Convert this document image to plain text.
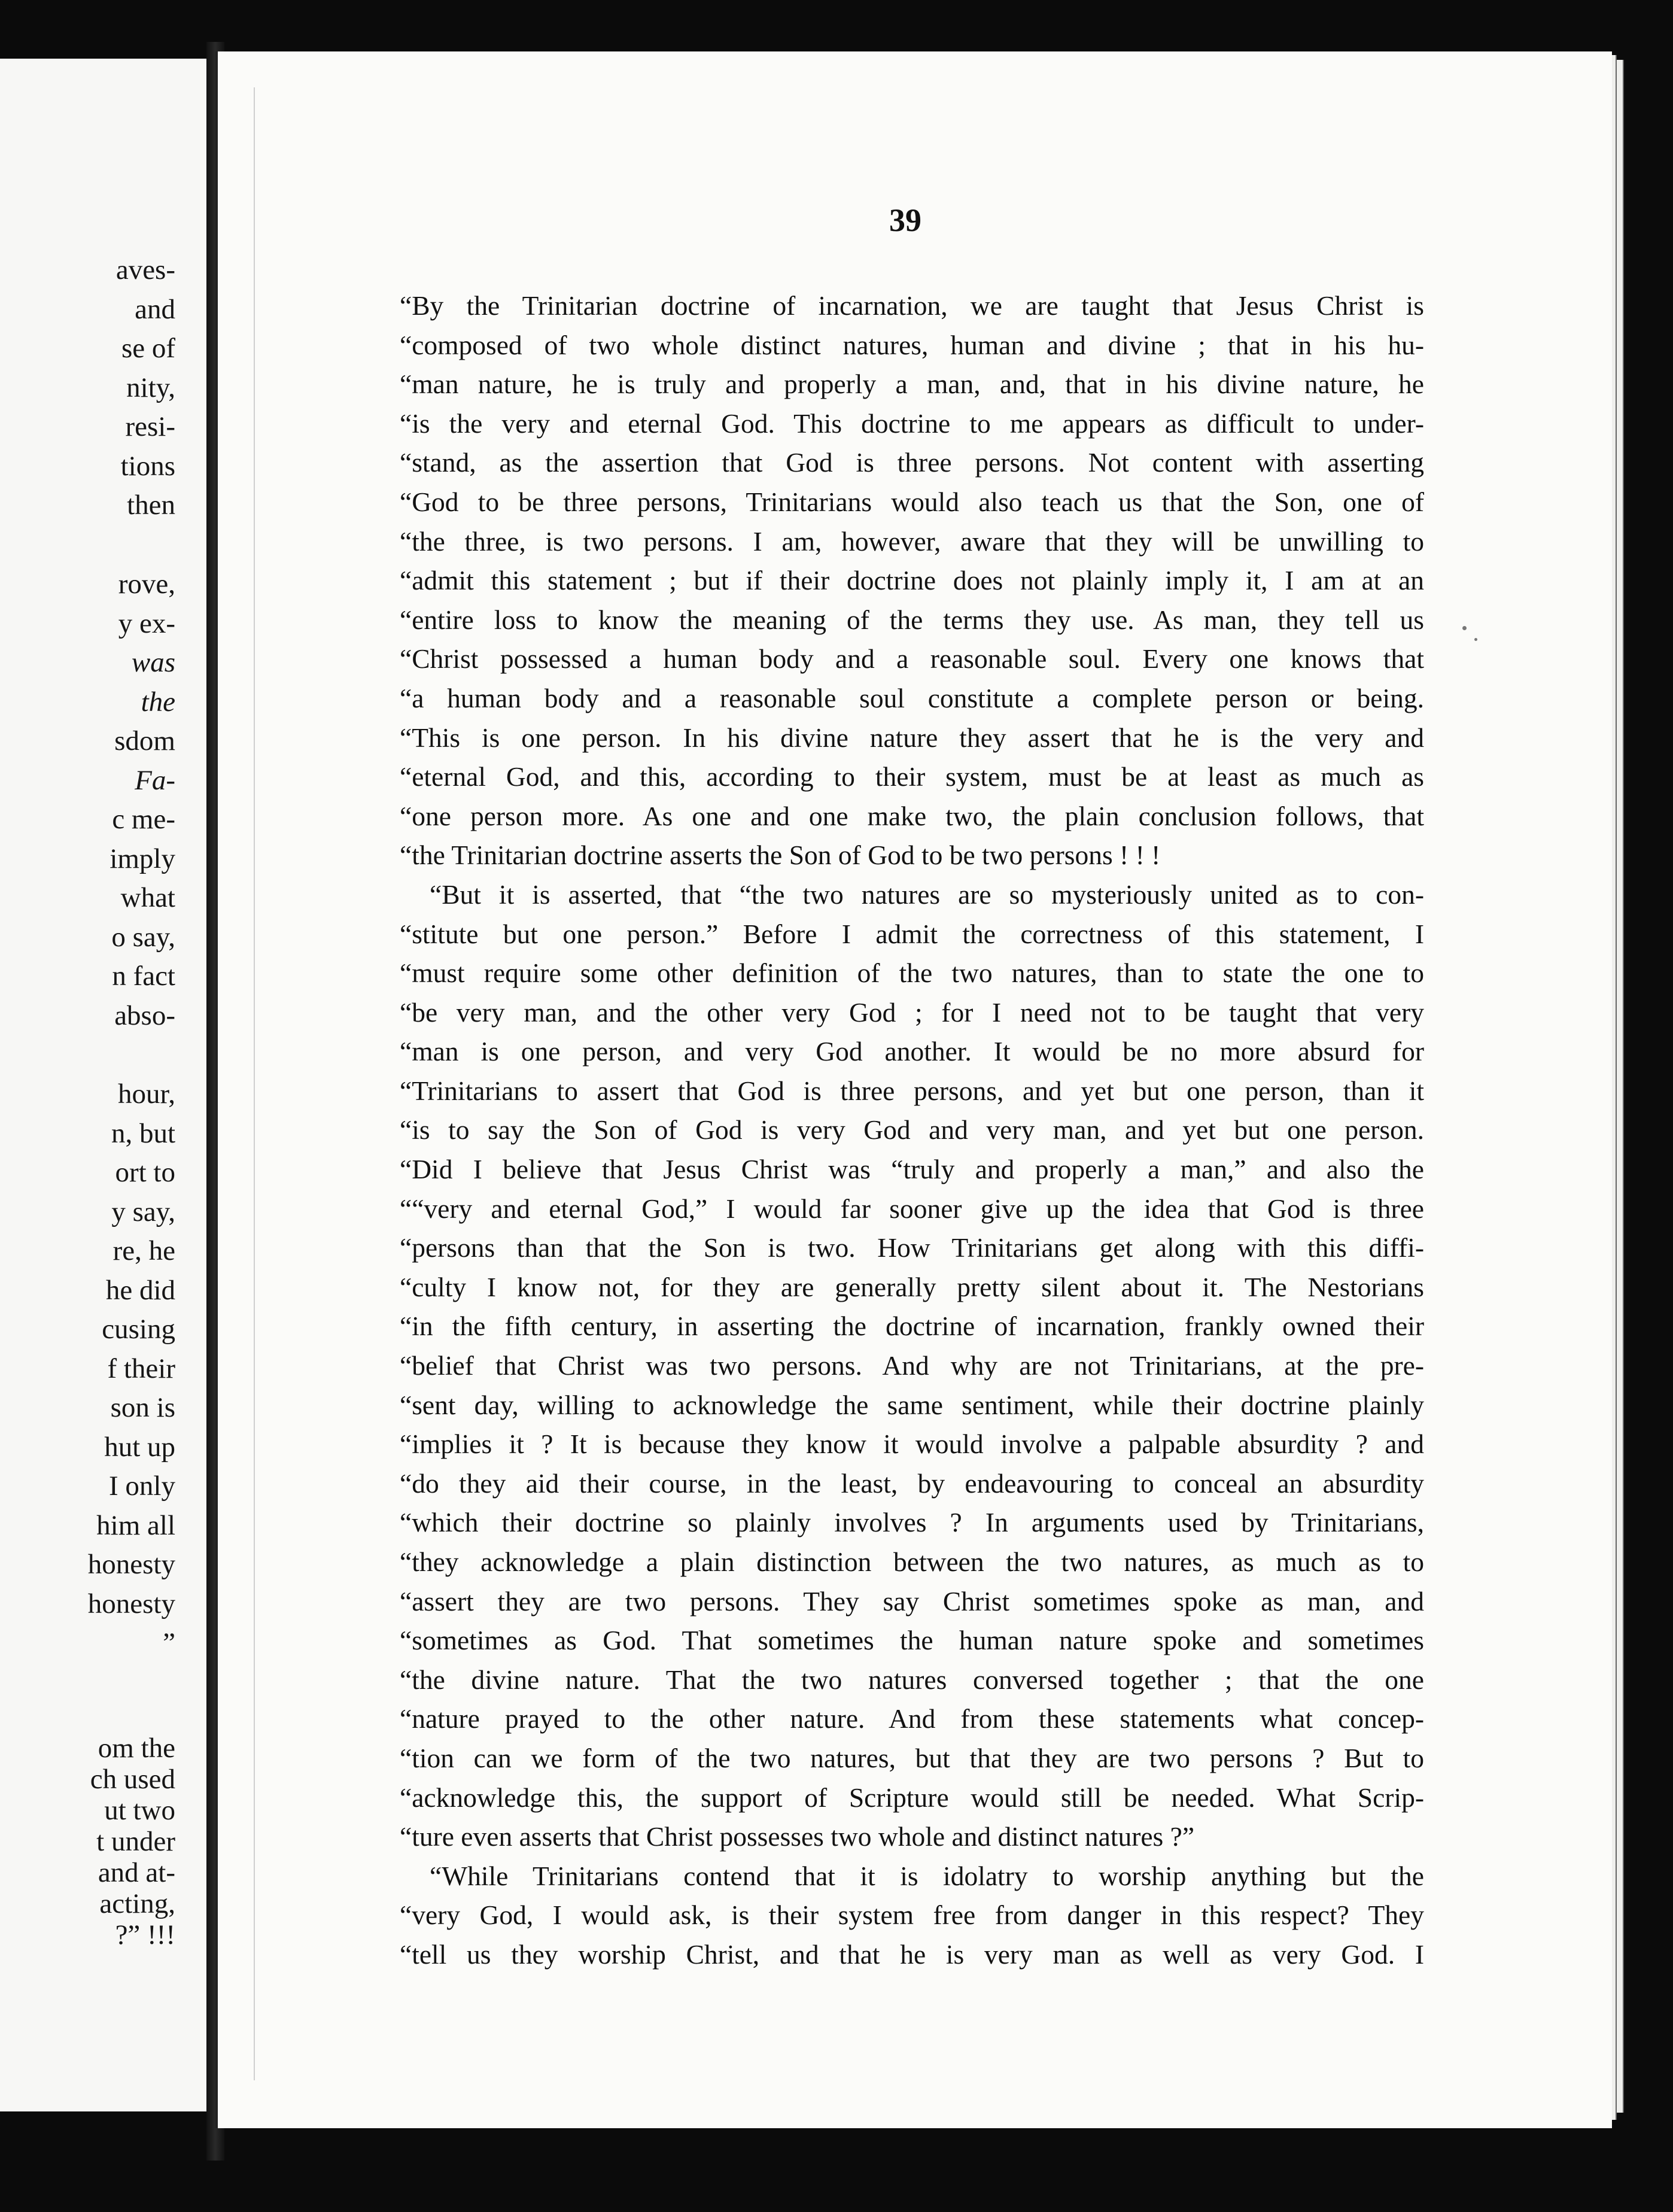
aves-
and
se of
nity,
resi-
tions
then
rove,
y ex-
was
the
sdom
Fa-
c me-
imply
what
o say,
n fact
abso-
hour,
n, but
ort to
y say,
re, he
he did
cusing
f their
son is
hut up
I only
him all
honesty
honesty
”
om the
ch used
ut two
t under
and at-
acting,
?” !!!
39
“By the Trinitarian doctrine of incarnation, we are taught that Jesus Christ is
“composed of two whole distinct natures, human and divine ; that in his hu-
“man nature, he is truly and properly a man, and, that in his divine nature, he
“is the very and eternal God. This doctrine to me appears as difficult to under-
“stand, as the assertion that God is three persons. Not content with asserting
“God to be three persons, Trinitarians would also teach us that the Son, one of
“the three, is two persons. I am, however, aware that they will be unwilling to
“admit this statement ; but if their doctrine does not plainly imply it, I am at an
“entire loss to know the meaning of the terms they use. As man, they tell us
“Christ possessed a human body and a reasonable soul. Every one knows that
“a human body and a reasonable soul constitute a complete person or being.
“This is one person. In his divine nature they assert that he is the very and
“eternal God, and this, according to their system, must be at least as much as
“one person more. As one and one make two, the plain conclusion follows, that
“the Trinitarian doctrine asserts the Son of God to be two persons ! ! !
“But it is asserted, that “the two natures are so mysteriously united as to con-
“stitute but one person.” Before I admit the correctness of this statement, I
“must require some other definition of the two natures, than to state the one to
“be very man, and the other very God ; for I need not to be taught that very
“man is one person, and very God another. It would be no more absurd for
“Trinitarians to assert that God is three persons, and yet but one person, than it
“is to say the Son of God is very God and very man, and yet but one person.
“Did I believe that Jesus Christ was “truly and properly a man,” and also the
““very and eternal God,” I would far sooner give up the idea that God is three
“persons than that the Son is two. How Trinitarians get along with this diffi-
“culty I know not, for they are generally pretty silent about it. The Nestorians
“in the fifth century, in asserting the doctrine of incarnation, frankly owned their
“belief that Christ was two persons. And why are not Trinitarians, at the pre-
“sent day, willing to acknowledge the same sentiment, while their doctrine plainly
“implies it ? It is because they know it would involve a palpable absurdity ? and
“do they aid their course, in the least, by endeavouring to conceal an absurdity
“which their doctrine so plainly involves ? In arguments used by Trinitarians,
“they acknowledge a plain distinction between the two natures, as much as to
“assert they are two persons. They say Christ sometimes spoke as man, and
“sometimes as God. That sometimes the human nature spoke and sometimes
“the divine nature. That the two natures conversed together ; that the one
“nature prayed to the other nature. And from these statements what concep-
“tion can we form of the two natures, but that they are two persons ? But to
“acknowledge this, the support of Scripture would still be needed. What Scrip-
“ture even asserts that Christ possesses two whole and distinct natures ?”
“While Trinitarians contend that it is idolatry to worship anything but the
“very God, I would ask, is their system free from danger in this respect? They
“tell us they worship Christ, and that he is very man as well as very God. I
